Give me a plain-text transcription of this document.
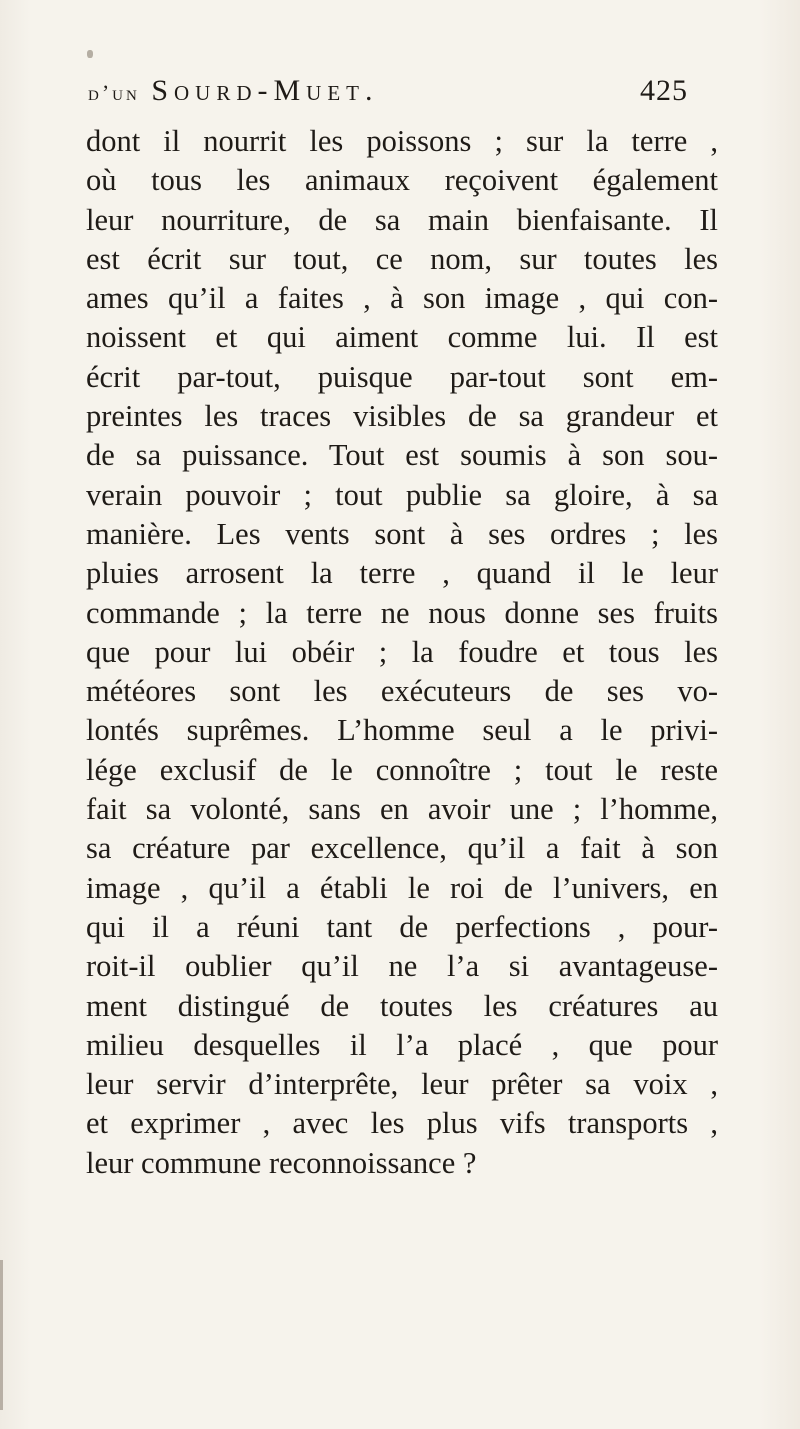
d’un Sourd-Muet.	425
dont il nourrit les poissons ; sur la terre ,
où tous les animaux reçoivent également
leur nourriture, de sa main bienfaisante. Il
est écrit sur tout, ce nom, sur toutes les
ames qu’il a faites , à son image , qui con-
noissent et qui aiment comme lui. Il est
écrit par-tout, puisque par-tout sont em-
preintes les traces visibles de sa grandeur et
de sa puissance. Tout est soumis à son sou-
verain pouvoir ; tout publie sa gloire, à sa
manière. Les vents sont à ses ordres ; les
pluies arrosent la terre , quand il le leur
commande ; la terre ne nous donne ses fruits
que pour lui obéir ; la foudre et tous les
météores sont les exécuteurs de ses vo-
lontés suprêmes. L’homme seul a le privi-
lége exclusif de le connoître ; tout le reste
fait sa volonté, sans en avoir une ; l’homme,
sa créature par excellence, qu’il a fait à son
image , qu’il a établi le roi de l’univers, en
qui il a réuni tant de perfections , pour-
roit-il oublier qu’il ne l’a si avantageuse-
ment distingué de toutes les créatures au
milieu desquelles il l’a placé , que pour
leur servir d’interprête, leur prêter sa voix ,
et exprimer , avec les plus vifs transports ,
leur commune reconnoissance ?
